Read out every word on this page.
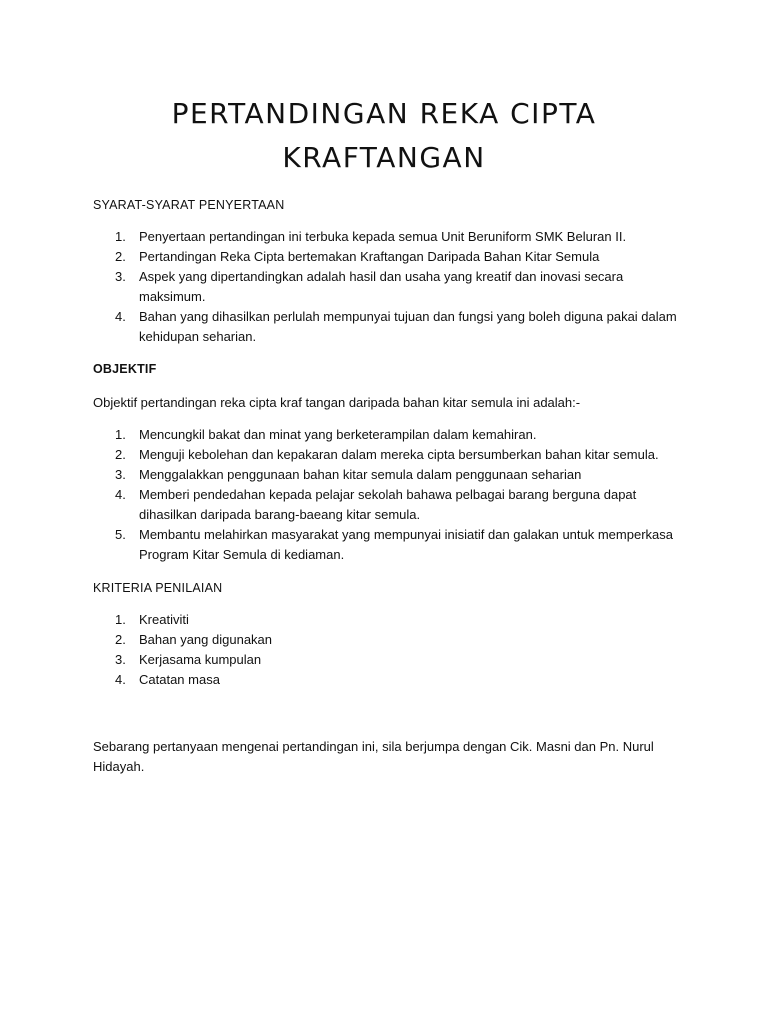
PERTANDINGAN REKA CIPTA
KRAFTANGAN
SYARAT-SYARAT PENYERTAAN
1. Penyertaan pertandingan ini terbuka kepada semua Unit Beruniform SMK Beluran II.
2. Pertandingan Reka Cipta bertemakan Kraftangan Daripada Bahan Kitar Semula
3. Aspek yang dipertandingkan adalah hasil dan usaha yang kreatif dan inovasi secara maksimum.
4. Bahan yang dihasilkan perlulah mempunyai tujuan dan fungsi yang boleh diguna pakai dalam kehidupan seharian.
OBJEKTIF
Objektif pertandingan reka cipta kraf tangan daripada bahan kitar semula ini adalah:-
1. Mencungkil bakat dan minat yang berketerampilan dalam kemahiran.
2. Menguji kebolehan dan kepakaran dalam mereka cipta bersumberkan bahan kitar semula.
3. Menggalakkan penggunaan bahan kitar semula dalam penggunaan seharian
4. Memberi pendedahan kepada pelajar sekolah bahawa pelbagai barang berguna dapat dihasilkan daripada barang-baeang kitar semula.
5. Membantu melahirkan masyarakat yang mempunyai inisiatif dan galakan untuk memperkasa Program Kitar Semula di kediaman.
KRITERIA PENILAIAN
1. Kreativiti
2. Bahan yang digunakan
3. Kerjasama kumpulan
4. Catatan masa
Sebarang pertanyaan mengenai pertandingan ini, sila berjumpa dengan Cik. Masni dan Pn. Nurul Hidayah.
